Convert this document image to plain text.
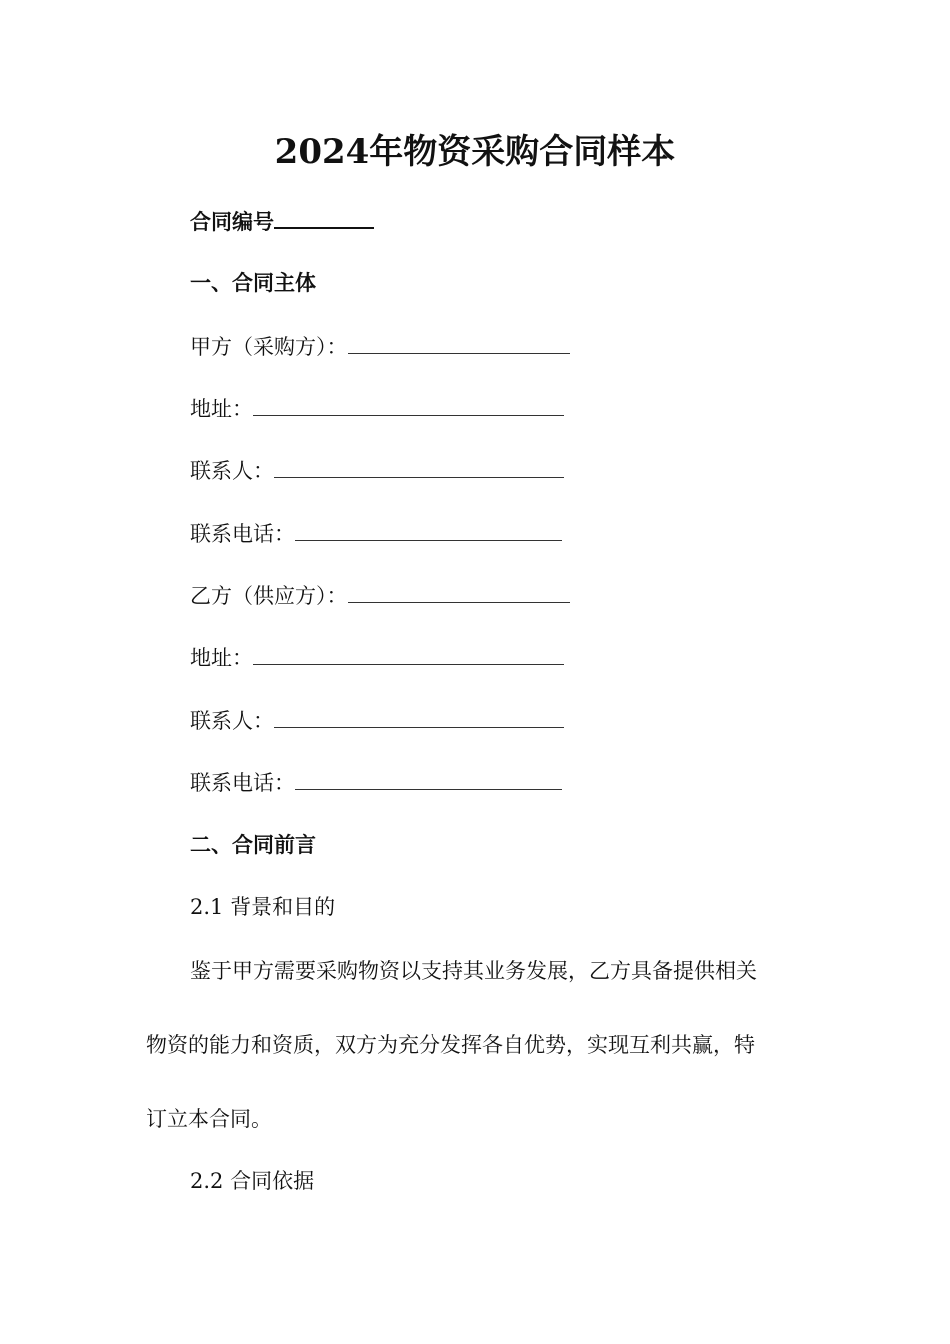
2024年物资采购合同样本
合同编号
一、合同主体
甲方（采购方）：
地址：
联系人：
联系电话：
乙方（供应方）：
地址：
联系人：
联系电话：
二、合同前言
2.1 背景和目的
鉴于甲方需要采购物资以支持其业务发展，乙方具备提供相关
物资的能力和资质，双方为充分发挥各自优势，实现互利共赢，特
订立本合同。
2.2 合同依据
